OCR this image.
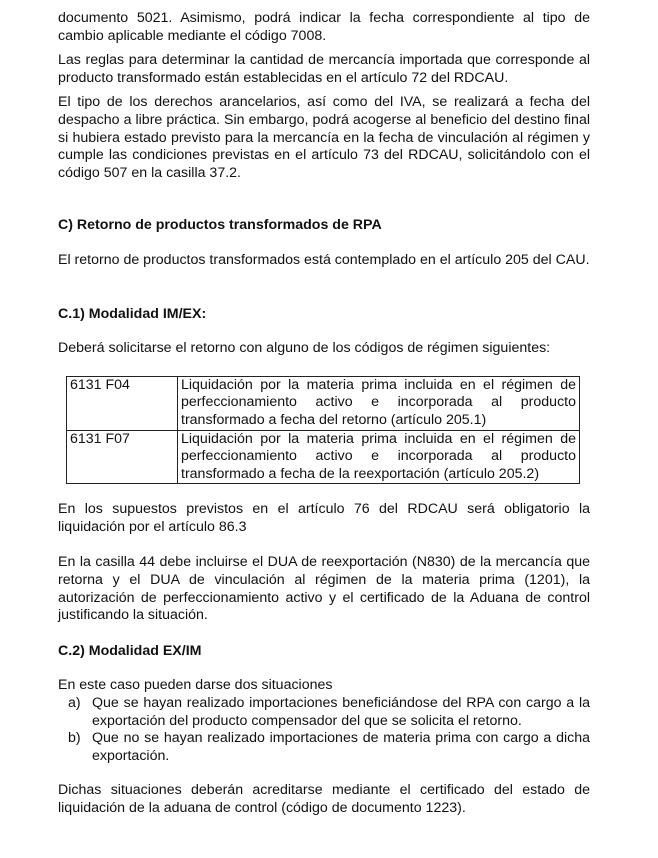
documento 5021. Asimismo, podrá indicar la fecha correspondiente al tipo de cambio aplicable mediante el código 7008.

Las reglas para determinar la cantidad de mercancía importada que corresponde al producto transformado están establecidas en el artículo 72 del RDCAU.

El tipo de los derechos arancelarios, así como del IVA, se realizará a fecha del despacho a libre práctica. Sin embargo, podrá acogerse al beneficio del destino final si hubiera estado previsto para la mercancía en la fecha de vinculación al régimen y cumple las condiciones previstas en el artículo 73 del RDCAU, solicitándolo con el código 507 en la casilla 37.2.

C) Retorno de productos transformados de RPA

El retorno de productos transformados está contemplado en el artículo 205 del CAU.

C.1) Modalidad IM/EX:

Deberá solicitarse el retorno con alguno de los códigos de régimen siguientes:

6131 F04	Liquidación por la materia prima incluida en el régimen de perfeccionamiento activo e incorporada al producto transformado a fecha del retorno (artículo 205.1)
6131 F07	Liquidación por la materia prima incluida en el régimen de perfeccionamiento activo e incorporada al producto transformado a fecha de la reexportación (artículo 205.2)

En los supuestos previstos en el artículo 76 del RDCAU será obligatorio la liquidación por el artículo 86.3

En la casilla 44 debe incluirse el DUA de reexportación (N830) de la mercancía que retorna y el DUA de vinculación al régimen de la materia prima (1201), la autorización de perfeccionamiento activo y el certificado de la Aduana de control justificando la situación.

C.2) Modalidad EX/IM

En este caso pueden darse dos situaciones

a) Que se hayan realizado importaciones beneficiándose del RPA con cargo a la exportación del producto compensador del que se solicita el retorno.
b) Que no se hayan realizado importaciones de materia prima con cargo a dicha exportación.

Dichas situaciones deberán acreditarse mediante el certificado del estado de liquidación de la aduana de control (código de documento 1223).
